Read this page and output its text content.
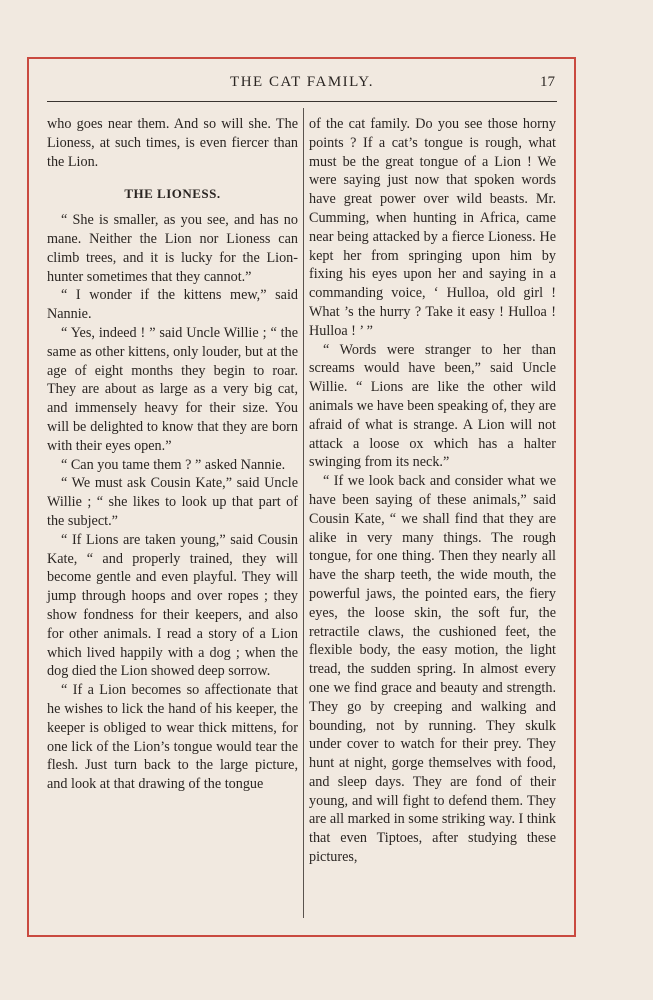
THE CAT FAMILY.	17

who goes near them. And so will she. The Lioness, at such times, is even fiercer than the Lion.

THE LIONESS.

“ She is smaller, as you see, and has no mane. Neither the Lion nor Lioness can climb trees, and it is lucky for the Lion-hunter sometimes that they cannot.”

“ I wonder if the kittens mew,” said Nannie.

“ Yes, indeed ! ” said Uncle Willie ; “ the same as other kittens, only louder, but at the age of eight months they begin to roar. They are about as large as a very big cat, and immensely heavy for their size. You will be delighted to know that they are born with their eyes open.”

“ Can you tame them ? ” asked Nannie.

“ We must ask Cousin Kate,” said Uncle Willie ; “ she likes to look up that part of the subject.”

“ If Lions are taken young,” said Cousin Kate, “ and properly trained, they will become gentle and even playful. They will jump through hoops and over ropes ; they show fondness for their keepers, and also for other animals. I read a story of a Lion which lived happily with a dog ; when the dog died the Lion showed deep sorrow.

“ If a Lion becomes so affectionate that he wishes to lick the hand of his keeper, the keeper is obliged to wear thick mittens, for one lick of the Lion’s tongue would tear the flesh. Just turn back to the large picture, and look at that drawing of the tongue

of the cat family. Do you see those horny points ? If a cat’s tongue is rough, what must be the great tongue of a Lion ! We were saying just now that spoken words have great power over wild beasts. Mr. Cumming, when hunting in Africa, came near being attacked by a fierce Lioness. He kept her from springing upon him by fixing his eyes upon her and saying in a commanding voice, ‘ Hulloa, old girl ! What ’s the hurry ? Take it easy ! Hulloa ! Hulloa ! ’ ”

“ Words were stranger to her than screams would have been,” said Uncle Willie. “ Lions are like the other wild animals we have been speaking of, they are afraid of what is strange. A Lion will not attack a loose ox which has a halter swinging from its neck.”

“ If we look back and consider what we have been saying of these animals,” said Cousin Kate, “ we shall find that they are alike in very many things. The rough tongue, for one thing. Then they nearly all have the sharp teeth, the wide mouth, the powerful jaws, the pointed ears, the fiery eyes, the loose skin, the soft fur, the retractile claws, the cushioned feet, the flexible body, the easy motion, the light tread, the sudden spring. In almost every one we find grace and beauty and strength. They go by creeping and walking and bounding, not by running. They skulk under cover to watch for their prey. They hunt at night, gorge themselves with food, and sleep days. They are fond of their young, and will fight to defend them. They are all marked in some striking way. I think that even Tiptoes, after studying these pictures,
